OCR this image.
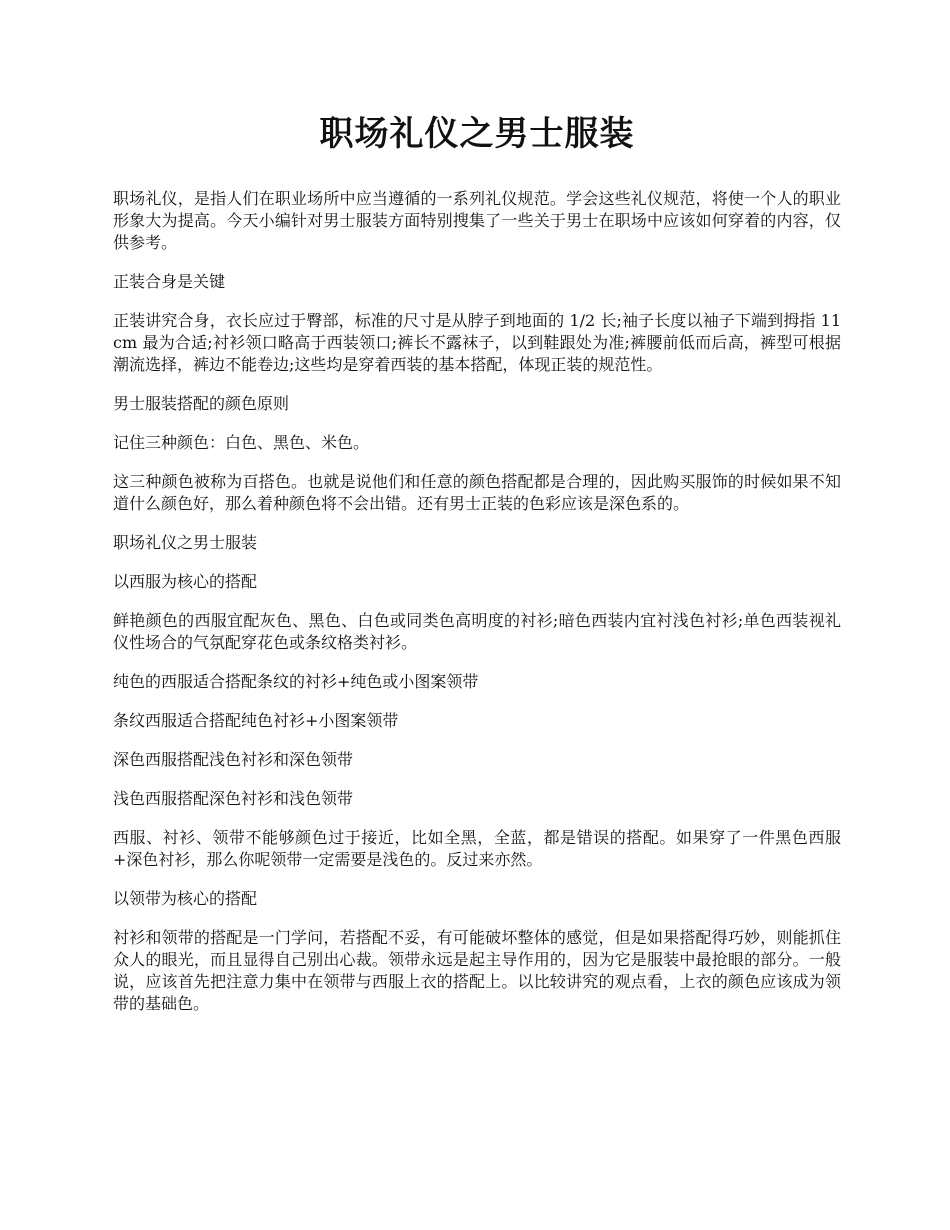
职场礼仪之男士服装

职场礼仪，是指人们在职业场所中应当遵循的一系列礼仪规范。学会这些礼仪规范，将使一个人的职业形象大为提高。今天小编针对男士服装方面特别搜集了一些关于男士在职场中应该如何穿着的内容，仅供参考。

正装合身是关键

正装讲究合身，衣长应过于臀部，标准的尺寸是从脖子到地面的 1/2 长;袖子长度以袖子下端到拇指 11cm 最为合适;衬衫领口略高于西装领口;裤长不露袜子，以到鞋跟处为准;裤腰前低而后高，裤型可根据潮流选择，裤边不能卷边;这些均是穿着西装的基本搭配，体现正装的规范性。

男士服装搭配的颜色原则

记住三种颜色：白色、黑色、米色。

这三种颜色被称为百搭色。也就是说他们和任意的颜色搭配都是合理的，因此购买服饰的时候如果不知道什么颜色好，那么着种颜色将不会出错。还有男士正装的色彩应该是深色系的。

职场礼仪之男士服装

以西服为核心的搭配

鲜艳颜色的西服宜配灰色、黑色、白色或同类色高明度的衬衫;暗色西装内宜衬浅色衬衫;单色西装视礼仪性场合的气氛配穿花色或条纹格类衬衫。

纯色的西服适合搭配条纹的衬衫+纯色或小图案领带

条纹西服适合搭配纯色衬衫+小图案领带

深色西服搭配浅色衬衫和深色领带

浅色西服搭配深色衬衫和浅色领带

西服、衬衫、领带不能够颜色过于接近，比如全黑，全蓝，都是错误的搭配。如果穿了一件黑色西服+深色衬衫，那么你呢领带一定需要是浅色的。反过来亦然。

以领带为核心的搭配

衬衫和领带的搭配是一门学问，若搭配不妥，有可能破坏整体的感觉，但是如果搭配得巧妙，则能抓住众人的眼光，而且显得自己别出心裁。领带永远是起主导作用的，因为它是服装中最抢眼的部分。一般说，应该首先把注意力集中在领带与西服上衣的搭配上。以比较讲究的观点看，上衣的颜色应该成为领带的基础色。
